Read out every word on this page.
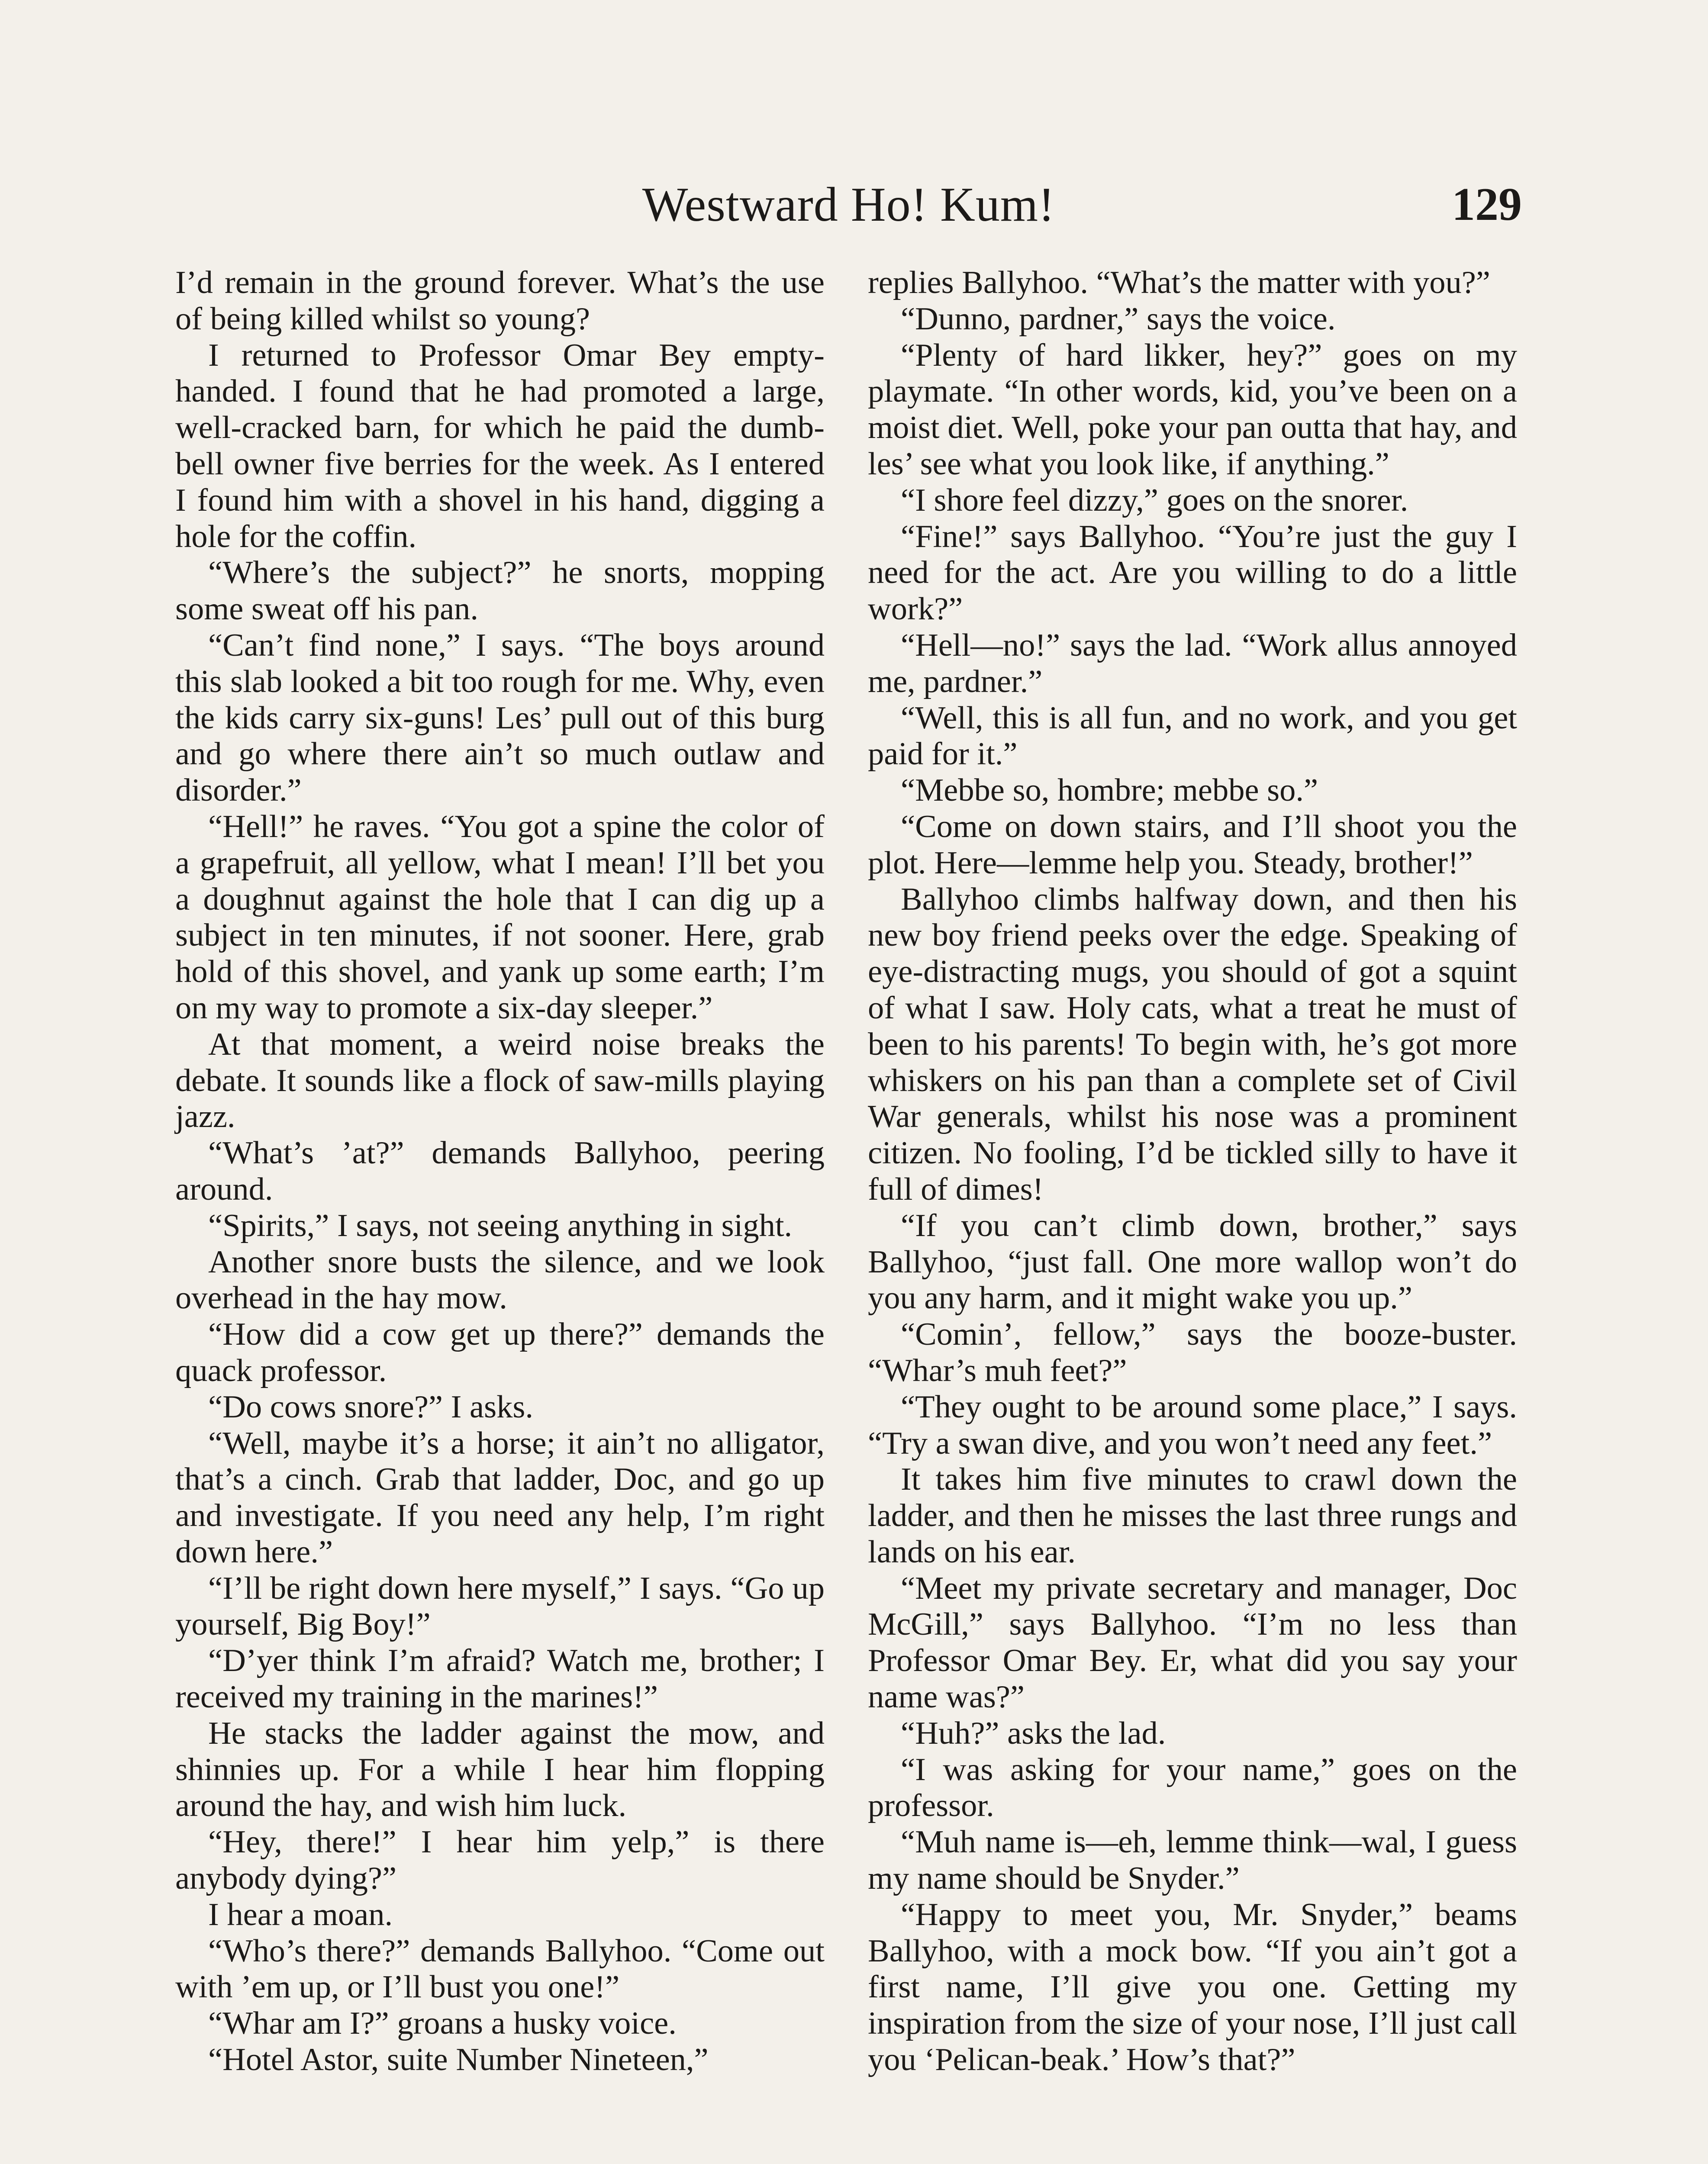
Westward Ho! Kum!	129

I’d remain in the ground forever. What’s the use of being killed whilst so young?

I returned to Professor Omar Bey empty-handed. I found that he had promoted a large, well-cracked barn, for which he paid the dumb-bell owner five berries for the week. As I entered I found him with a shovel in his hand, digging a hole for the coffin.

“Where’s the subject?” he snorts, mopping some sweat off his pan.

“Can’t find none,” I says. “The boys around this slab looked a bit too rough for me. Why, even the kids carry six-guns! Les’ pull out of this burg and go where there ain’t so much outlaw and disorder.”

“Hell!” he raves. “You got a spine the color of a grapefruit, all yellow, what I mean! I’ll bet you a doughnut against the hole that I can dig up a subject in ten minutes, if not sooner. Here, grab hold of this shovel, and yank up some earth; I’m on my way to promote a six-day sleeper.”

At that moment, a weird noise breaks the debate. It sounds like a flock of saw-mills playing jazz.

“What’s ’at?” demands Ballyhoo, peering around.

“Spirits,” I says, not seeing anything in sight.

Another snore busts the silence, and we look overhead in the hay mow.

“How did a cow get up there?” demands the quack professor.

“Do cows snore?” I asks.

“Well, maybe it’s a horse; it ain’t no alligator, that’s a cinch. Grab that ladder, Doc, and go up and investigate. If you need any help, I’m right down here.”

“I’ll be right down here myself,” I says. “Go up yourself, Big Boy!”

“D’yer think I’m afraid? Watch me, brother; I received my training in the marines!”

He stacks the ladder against the mow, and shinnies up. For a while I hear him flopping around the hay, and wish him luck.

“Hey, there!” I hear him yelp,” is there anybody dying?”

I hear a moan.

“Who’s there?” demands Ballyhoo. “Come out with ’em up, or I’ll bust you one!”

“Whar am I?” groans a husky voice.

“Hotel Astor, suite Number Nineteen,”

replies Ballyhoo. “What’s the matter with you?”

“Dunno, pardner,” says the voice.

“Plenty of hard likker, hey?” goes on my playmate. “In other words, kid, you’ve been on a moist diet. Well, poke your pan outta that hay, and les’ see what you look like, if anything.”

“I shore feel dizzy,” goes on the snorer.

“Fine!” says Ballyhoo. “You’re just the guy I need for the act. Are you willing to do a little work?”

“Hell—no!” says the lad. “Work allus annoyed me, pardner.”

“Well, this is all fun, and no work, and you get paid for it.”

“Mebbe so, hombre; mebbe so.”

“Come on down stairs, and I’ll shoot you the plot. Here—lemme help you. Steady, brother!”

Ballyhoo climbs halfway down, and then his new boy friend peeks over the edge. Speaking of eye-distracting mugs, you should of got a squint of what I saw. Holy cats, what a treat he must of been to his parents! To begin with, he’s got more whiskers on his pan than a complete set of Civil War generals, whilst his nose was a prominent citizen. No fooling, I’d be tickled silly to have it full of dimes!

“If you can’t climb down, brother,” says Ballyhoo, “just fall. One more wallop won’t do you any harm, and it might wake you up.”

“Comin’, fellow,” says the booze-buster. “Whar’s muh feet?”

“They ought to be around some place,” I says. “Try a swan dive, and you won’t need any feet.”

It takes him five minutes to crawl down the ladder, and then he misses the last three rungs and lands on his ear.

“Meet my private secretary and manager, Doc McGill,” says Ballyhoo. “I’m no less than Professor Omar Bey. Er, what did you say your name was?”

“Huh?” asks the lad.

“I was asking for your name,” goes on the professor.

“Muh name is—eh, lemme think—wal, I guess my name should be Snyder.”

“Happy to meet you, Mr. Snyder,” beams Ballyhoo, with a mock bow. “If you ain’t got a first name, I’ll give you one. Getting my inspiration from the size of your nose, I’ll just call you ‘Pelican-beak.’ How’s that?”
